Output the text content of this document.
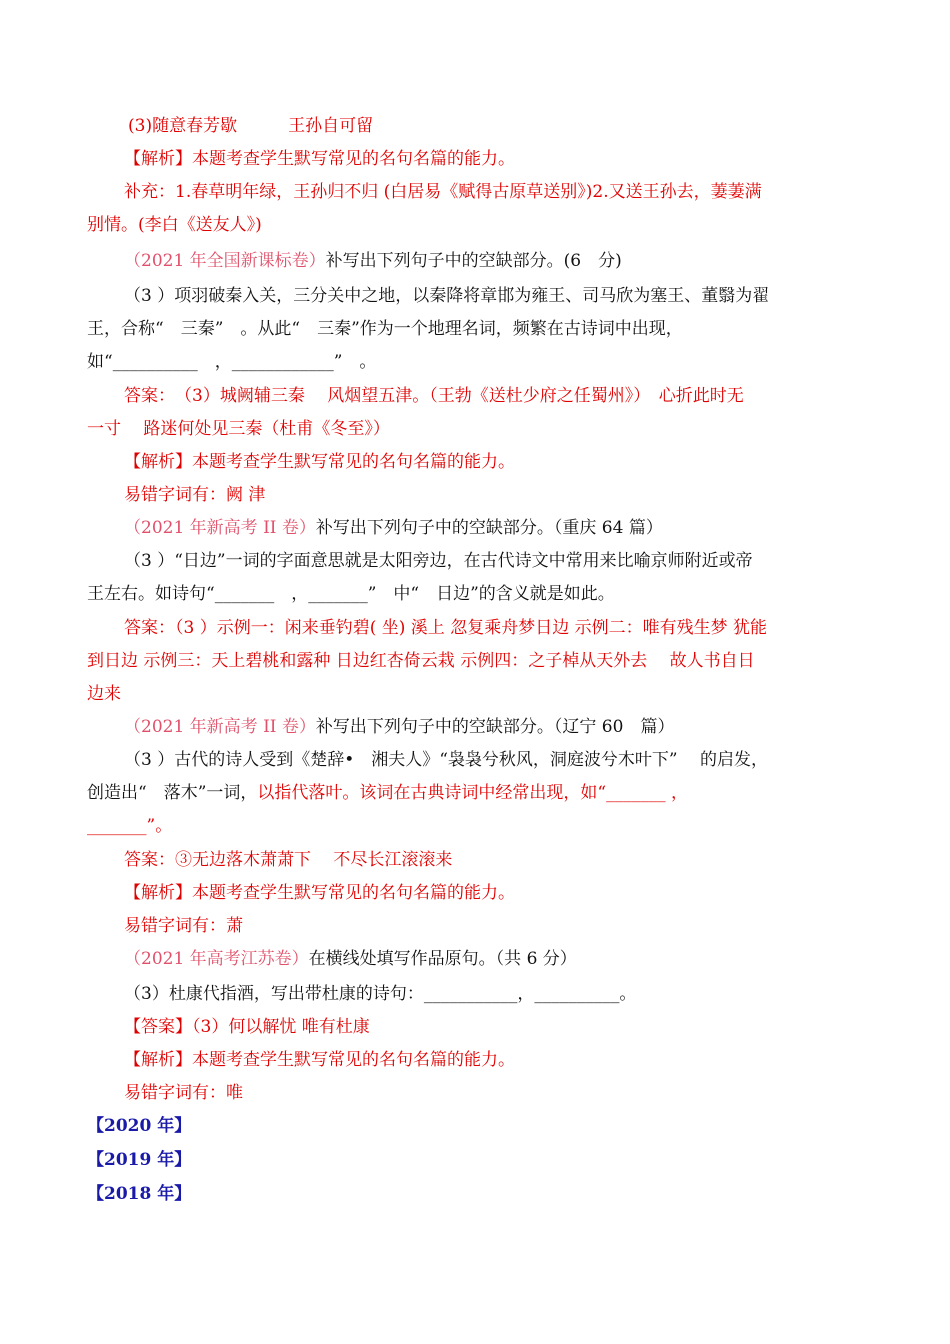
(3)随意春芳歇　　　王孙自可留
【解析】本题考查学生默写常见的名句名篇的能力。
补充：1.春草明年绿，王孙归不归 (白居易《赋得古原草送别》)2.又送王孙去，萋萋满
别情。(李白《送友人》)
（2021 年全国新课标卷）补写出下列句子中的空缺部分。(6　分)
（3 ）项羽破秦入关，三分关中之地，以秦降将章邯为雍王、司马欣为塞王、董翳为翟
王，合称“　三秦”　。从此“　三秦”作为一个地理名词，频繁在古诗词中出现，
如“__________　，____________”　。
答案：　（3）城阙辅三秦　 风烟望五津。（王勃《送杜少府之任蜀州》）　心折此时无
一寸　 路迷何处见三秦（杜甫《冬至》）
【解析】本题考查学生默写常见的名句名篇的能力。
易错字词有：阙 津
（2021 年新高考 II 卷）补写出下列句子中的空缺部分。（重庆 64 篇）
（3 ）“日边”一词的字面意思就是太阳旁边，在古代诗文中常用来比喻京师附近或帝
王左右。如诗句“_______　，_______”　中“　日边”的含义就是如此。
答案：（3 ）示例一：闲来垂钓碧( 坐) 溪上 忽复乘舟梦日边 示例二：唯有残生梦 犹能
到日边 示例三：天上碧桃和露种 日边红杏倚云栽 示例四：之子棹从天外去　 故人书自日
边来
（2021 年新高考 II 卷）补写出下列句子中的空缺部分。（辽宁 60　篇）
（3 ）古代的诗人受到《楚辞•　湘夫人》“袅袅兮秋风，洞庭波兮木叶下”　 的启发，
创造出“　落木”一词，以指代落叶。该词在古典诗词中经常出现，如“_______ ，
_______”。
答案：③无边落木萧萧下　 不尽长江滚滚来
【解析】本题考查学生默写常见的名句名篇的能力。
易错字词有：萧
（2021 年高考江苏卷）在横线处填写作品原句。（共 6 分）
（3）杜康代指酒，写出带杜康的诗句：___________，__________。
【答案】（3）何以解忧 唯有杜康
【解析】本题考查学生默写常见的名句名篇的能力。
易错字词有：唯
【2020 年】
【2019 年】
【2018 年】
